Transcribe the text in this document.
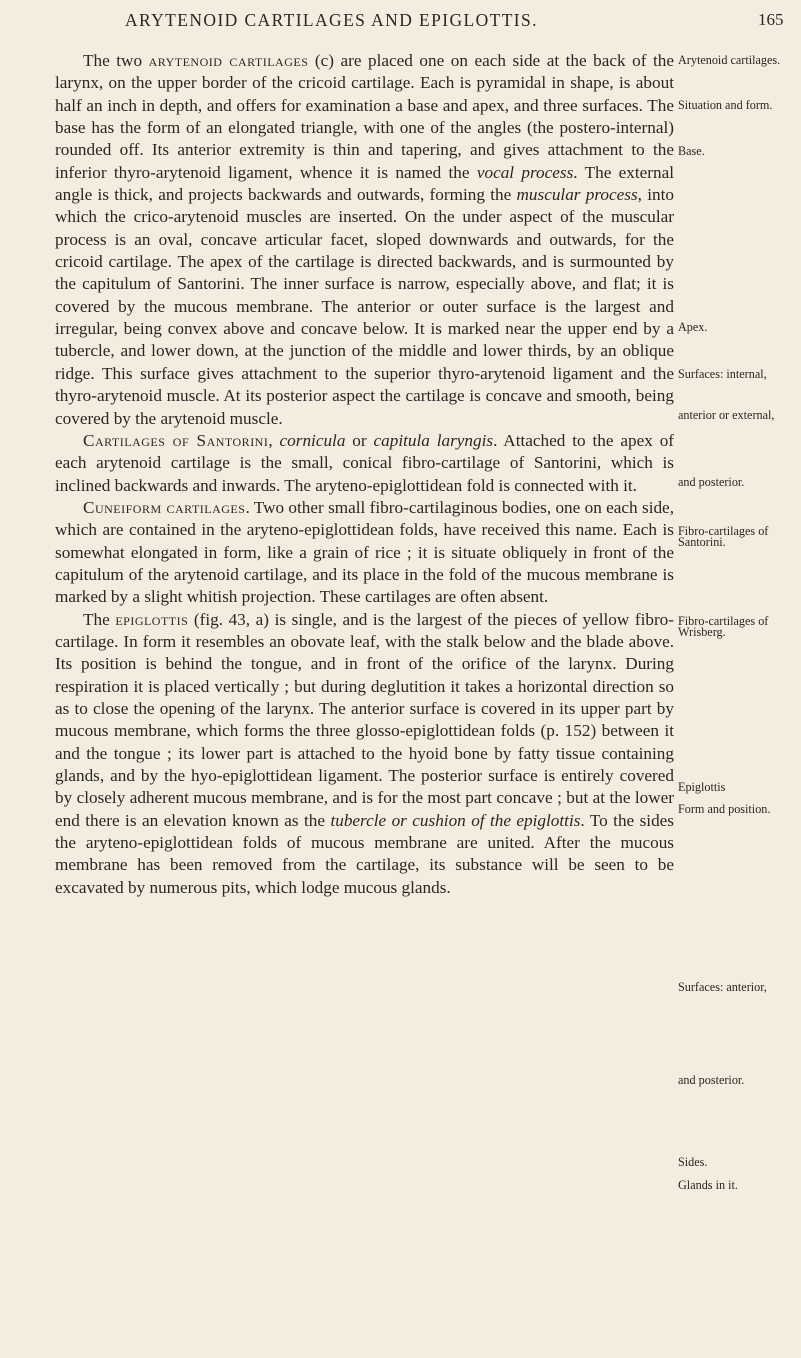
ARYTENOID CARTILAGES AND EPIGLOTTIS.	165

The two arytenoid cartilages (c) are placed one on each side at the back of the larynx, on the upper border of the cricoid cartilage. Each is pyramidal in shape, is about half an inch in depth, and offers for examination a base and apex, and three surfaces. The base has the form of an elongated triangle, with one of the angles (the postero-internal) rounded off. Its anterior extremity is thin and tapering, and gives attachment to the inferior thyro-arytenoid ligament, whence it is named the vocal process. The external angle is thick, and projects backwards and outwards, forming the muscular process, into which the crico-arytenoid muscles are inserted. On the under aspect of the muscular process is an oval, concave articular facet, sloped downwards and outwards, for the cricoid cartilage. The apex of the cartilage is directed backwards, and is surmounted by the capitulum of Santorini. The inner surface is narrow, especially above, and flat; it is covered by the mucous membrane. The anterior or outer surface is the largest and irregular, being convex above and concave below. It is marked near the upper end by a tubercle, and lower down, at the junction of the middle and lower thirds, by an oblique ridge. This surface gives attachment to the superior thyro-arytenoid ligament and the thyro-arytenoid muscle. At its posterior aspect the cartilage is concave and smooth, being covered by the arytenoid muscle.

Cartilages of Santorini, cornicula or capitula laryngis. Attached to the apex of each arytenoid cartilage is the small, conical fibro-cartilage of Santorini, which is inclined backwards and inwards. The aryteno-epiglottidean fold is connected with it.

Cuneiform cartilages. Two other small fibro-cartilaginous bodies, one on each side, which are contained in the aryteno-epiglottidean folds, have received this name. Each is somewhat elongated in form, like a grain of rice ; it is situate obliquely in front of the capitulum of the arytenoid cartilage, and its place in the fold of the mucous membrane is marked by a slight whitish projection. These cartilages are often absent.

The epiglottis (fig. 43, a) is single, and is the largest of the pieces of yellow fibro-cartilage. In form it resembles an obovate leaf, with the stalk below and the blade above. Its position is behind the tongue, and in front of the orifice of the larynx. During respiration it is placed vertically ; but during deglutition it takes a horizontal direction so as to close the opening of the larynx. The anterior surface is covered in its upper part by mucous membrane, which forms the three glosso-epiglottidean folds (p. 152) between it and the tongue ; its lower part is attached to the hyoid bone by fatty tissue containing glands, and by the hyo-epiglottidean ligament. The posterior surface is entirely covered by closely adherent mucous membrane, and is for the most part concave ; but at the lower end there is an elevation known as the tubercle or cushion of the epiglottis. To the sides the aryteno-epiglottidean folds of mucous membrane are united. After the mucous membrane has been removed from the cartilage, its substance will be seen to be excavated by numerous pits, which lodge mucous glands.

Arytenoid cartilages.
Situation and form.
Base.
Apex.
Surfaces: internal,
anterior or external,
and posterior.
Fibro-cartilages of Santorini.
Fibro-cartilages of Wrisberg.
Epiglottis
Form and position.
Surfaces: anterior,
and posterior.
Sides.
Glands in it.
